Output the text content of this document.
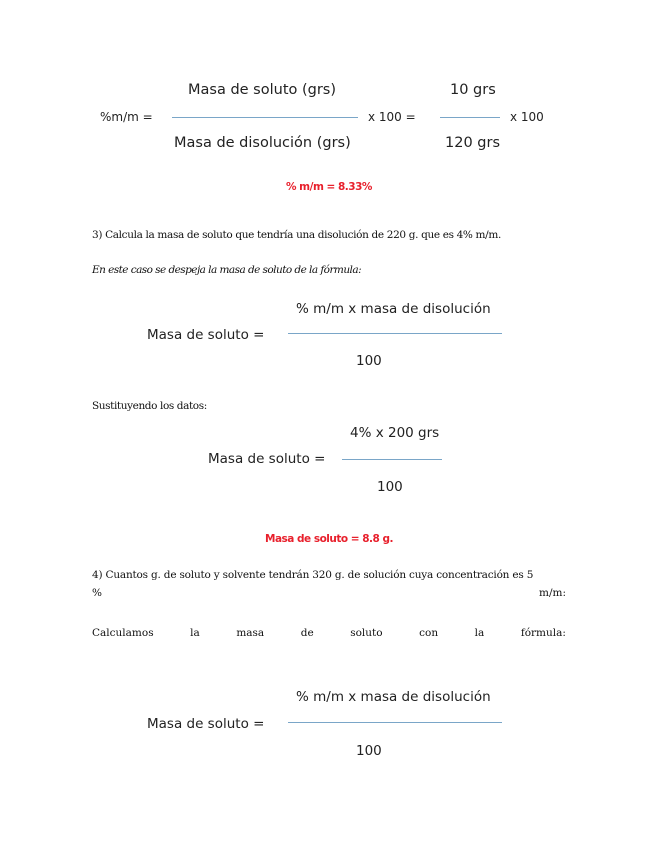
%m/m =
Masa de soluto (grs)
Masa de disolución (grs)
x 100 =
10 grs
120 grs
x 100
% m/m = 8.33%
3) Calcula la masa de soluto que tendría una disolución de 220 g. que es 4% m/m.
En este caso se despeja la masa de soluto de la fórmula:
Masa de soluto =
% m/m x masa de disolución
100
Sustituyendo los datos:
4% x 200 grs
Masa de soluto =
100
Masa de soluto = 8.8 g.
4) Cuantos g. de soluto y solvente tendrán 320 g. de solución cuya concentración es 5
%	m/m:
Calculamos	la	masa	de	soluto	con	la	fórmula:
Masa de soluto =
% m/m x masa de disolución
100
